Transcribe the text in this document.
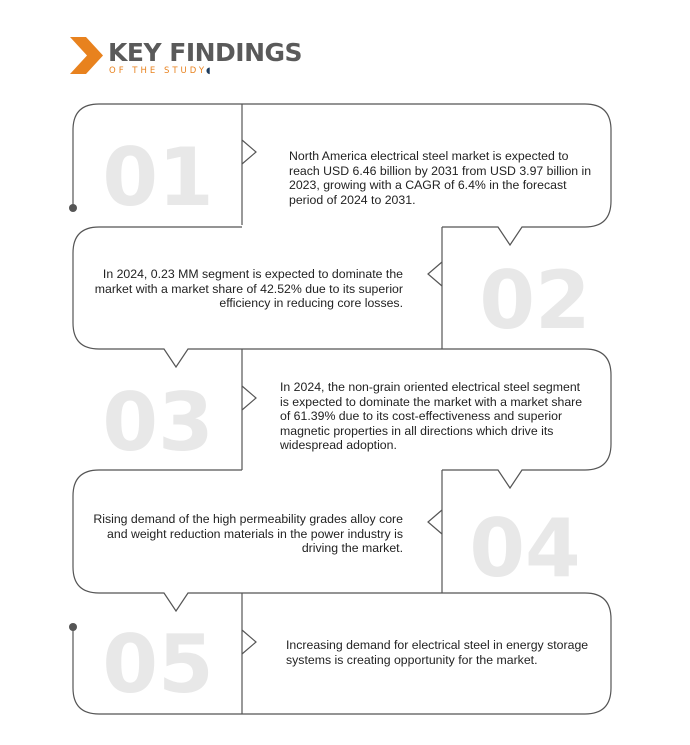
01
02
03
04
05
KEY FINDINGS
OF THE STUDY◖
North America electrical steel market is expected to reach USD 6.46 billion by 2031 from USD 3.97 billion in 2023, growing with a CAGR of 6.4% in the forecast period of 2024 to 2031.
In 2024, 0.23 MM segment is expected to dominate the market with a market share of 42.52% due to its superior efficiency in reducing core losses.
In 2024, the non-grain oriented electrical steel segment is expected to dominate the market with a market share of 61.39% due to its cost-effectiveness and superior magnetic properties in all directions which drive its widespread adoption.
Rising demand of the high permeability grades alloy core and weight reduction materials in the power industry is driving the market.
Increasing demand for electrical steel in energy storage systems is creating opportunity for the market.
